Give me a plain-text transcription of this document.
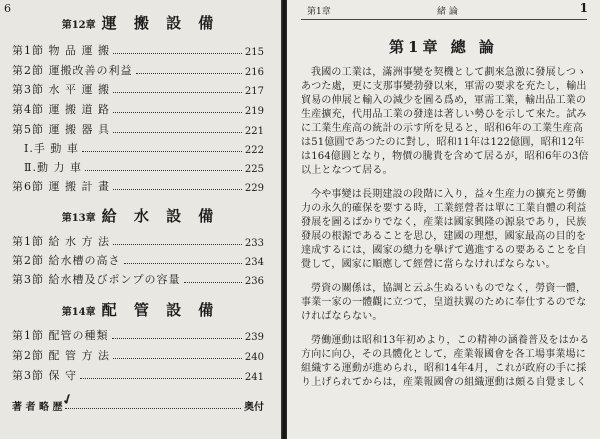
6
第12章 運 搬 設 備
第1節 物 品 運 搬	215
第2節 運搬改善の利益	216
第3節 水 平 運 搬	217
第4節 運 搬 道 路	219
第5節 運 搬 器 具	221
Ⅰ.手 動 車	222
Ⅱ.動 力 車	225
第6節 運 搬 計 畫	229
第13章 給 水 設 備
第1節 給 水 方 法	233
第2節 給水槽の高さ	234
第3節 給水槽及びポンプの容量	236
第14章 配 管 設 備
第1節 配管の種類	239
第2節 配 管 方 法	240
第3節 保 守	241
著 者 略 歴	奥付
✓
第1章	緒 論	1
第1章 總 論

我國の工業は，滿洲事變を契機として劃來急激に發展しつゝあつた處，更に支那事變勃發以來，軍需の要求を充たし，輸出貿易の伸展と輸入の減少を圖る爲め，軍需工業，輸出品工業の生産擴充，代用品工業の發達は著しい勢ひを示して來た。試みに工業生産高の統計の示す所を見ると，昭和6年の工業生産高は51億圓であつたのに對し，昭和11年は122億圓，昭和12年は164億圓となり，物價の騰貴を含めて居るが，昭和6年の3倍以上となつて居る。

今や事變は長期建設の段階に入り，益々生産力の擴充と勞働力の永久的確保を要する時，工業經營者は單に工業自體の利益發展を圖るばかりでなく，産業は國家興隆の源泉であり，民族發展の根源であることを思ひ，建國の理想，國家最高の目的を達成するには，國家の總力を擧げて邁進するの要あることを自覺して，國家に順應して經營に當らなければならない。

勞資の關係は，協調と云ふ生ぬるいものでなく，勞資一體，事業一家の一體觀に立つて，皇道扶翼のために奉仕するのでなければならない。

勞働運動は昭和13年初めより，この精神の涵養普及をはかる方向に向ひ，その具體化として，産業報國會を各工場事業場に組織する運動が進められ，昭和14年4月，これが政府の手に採り上げられてからは，産業報國會の組織運動は頗る自覺ましく
